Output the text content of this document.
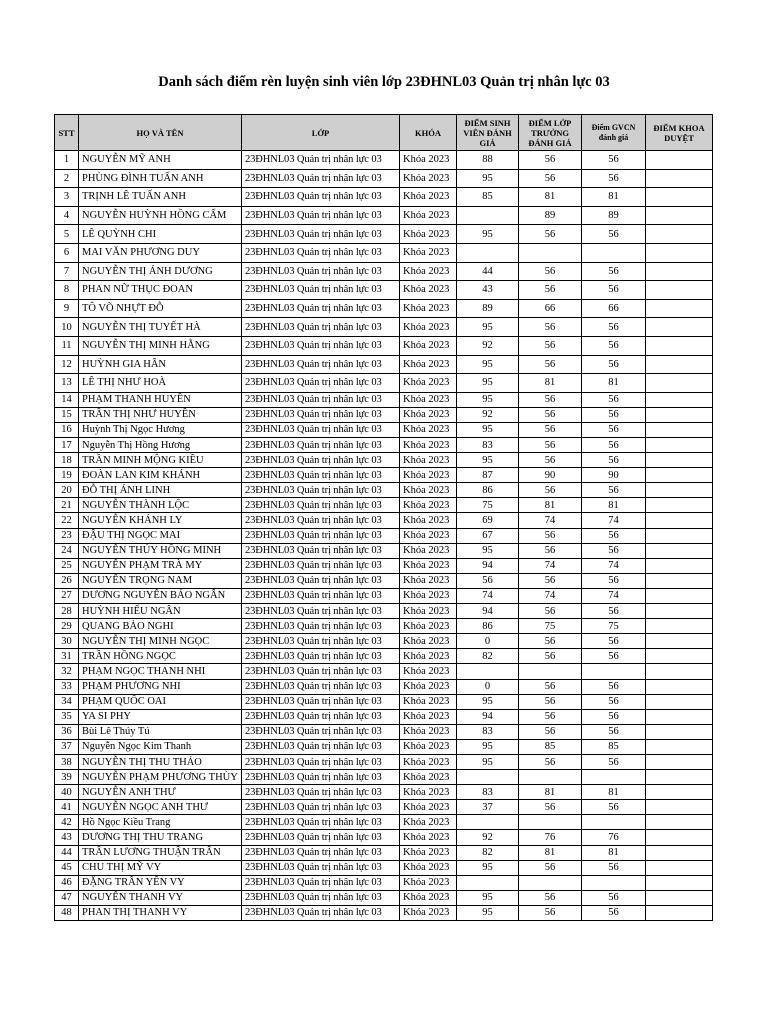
Danh sách điểm rèn luyện sinh viên lớp 23ĐHNL03 Quản trị nhân lực 03
STT	HỌ VÀ TÊN	LỚP	KHÓA	ĐIỂM SINH VIÊN ĐÁNH GIÁ	ĐIỂM LỚP TRƯỞNG ĐÁNH GIÁ	Điểm GVCN đánh giá	ĐIỂM KHOA DUYỆT
1	NGUYỄN MỸ ANH	23ĐHNL03 Quản trị nhân lực 03	Khóa 2023	88	56	56	
2	PHÙNG ĐÌNH TUẤN ANH	23ĐHNL03 Quản trị nhân lực 03	Khóa 2023	95	56	56	
3	TRỊNH LÊ TUẤN ANH	23ĐHNL03 Quản trị nhân lực 03	Khóa 2023	85	81	81	
4	NGUYỄN HUỲNH HỒNG CẨM	23ĐHNL03 Quản trị nhân lực 03	Khóa 2023		89	89	
5	LÊ QUỲNH CHI	23ĐHNL03 Quản trị nhân lực 03	Khóa 2023	95	56	56	
6	MAI VĂN PHƯƠNG DUY	23ĐHNL03 Quản trị nhân lực 03	Khóa 2023				
7	NGUYỄN THỊ ÁNH DƯƠNG	23ĐHNL03 Quản trị nhân lực 03	Khóa 2023	44	56	56	
8	PHAN NỮ THỤC ĐOAN	23ĐHNL03 Quản trị nhân lực 03	Khóa 2023	43	56	56	
9	TÔ VÕ NHỰT ĐỖ	23ĐHNL03 Quản trị nhân lực 03	Khóa 2023	89	66	66	
10	NGUYỄN THỊ TUYẾT HÀ	23ĐHNL03 Quản trị nhân lực 03	Khóa 2023	95	56	56	
11	NGUYỄN THỊ MINH HẰNG	23ĐHNL03 Quản trị nhân lực 03	Khóa 2023	92	56	56	
12	HUỲNH GIA HÂN	23ĐHNL03 Quản trị nhân lực 03	Khóa 2023	95	56	56	
13	LÊ THỊ NHƯ HOÀ	23ĐHNL03 Quản trị nhân lực 03	Khóa 2023	95	81	81	
14	PHẠM THANH HUYỀN	23ĐHNL03 Quản trị nhân lực 03	Khóa 2023	95	56	56	
15	TRẦN THỊ NHƯ HUYỀN	23ĐHNL03 Quản trị nhân lực 03	Khóa 2023	92	56	56	
16	Huỳnh Thị Ngọc Hương	23ĐHNL03 Quản trị nhân lực 03	Khóa 2023	95	56	56	
17	Nguyễn Thị Hồng Hương	23ĐHNL03 Quản trị nhân lực 03	Khóa 2023	83	56	56	
18	TRẦN MINH MỘNG KIỀU	23ĐHNL03 Quản trị nhân lực 03	Khóa 2023	95	56	56	
19	ĐOÀN LAN KIM KHÁNH	23ĐHNL03 Quản trị nhân lực 03	Khóa 2023	87	90	90	
20	ĐỖ THỊ ÁNH LINH	23ĐHNL03 Quản trị nhân lực 03	Khóa 2023	86	56	56	
21	NGUYỄN THÀNH LỘC	23ĐHNL03 Quản trị nhân lực 03	Khóa 2023	75	81	81	
22	NGUYỄN KHÁNH LY	23ĐHNL03 Quản trị nhân lực 03	Khóa 2023	69	74	74	
23	ĐẬU THỊ NGỌC MAI	23ĐHNL03 Quản trị nhân lực 03	Khóa 2023	67	56	56	
24	NGUYỄN THÚY HỒNG MINH	23ĐHNL03 Quản trị nhân lực 03	Khóa 2023	95	56	56	
25	NGUYỄN PHẠM TRÀ MY	23ĐHNL03 Quản trị nhân lực 03	Khóa 2023	94	74	74	
26	NGUYỄN TRỌNG NAM	23ĐHNL03 Quản trị nhân lực 03	Khóa 2023	56	56	56	
27	DƯƠNG NGUYỄN BẢO NGÂN	23ĐHNL03 Quản trị nhân lực 03	Khóa 2023	74	74	74	
28	HUỲNH HIẾU NGÂN	23ĐHNL03 Quản trị nhân lực 03	Khóa 2023	94	56	56	
29	QUANG BẢO NGHI	23ĐHNL03 Quản trị nhân lực 03	Khóa 2023	86	75	75	
30	NGUYỄN THỊ MINH NGỌC	23ĐHNL03 Quản trị nhân lực 03	Khóa 2023	0	56	56	
31	TRẦN HỒNG NGỌC	23ĐHNL03 Quản trị nhân lực 03	Khóa 2023	82	56	56	
32	PHẠM NGỌC THANH NHI	23ĐHNL03 Quản trị nhân lực 03	Khóa 2023				
33	PHẠM PHƯƠNG NHI	23ĐHNL03 Quản trị nhân lực 03	Khóa 2023	0	56	56	
34	PHẠM QUỐC OAI	23ĐHNL03 Quản trị nhân lực 03	Khóa 2023	95	56	56	
35	YA SI PHY	23ĐHNL03 Quản trị nhân lực 03	Khóa 2023	94	56	56	
36	Bùi Lê Thúy Tú	23ĐHNL03 Quản trị nhân lực 03	Khóa 2023	83	56	56	
37	Nguyễn Ngọc Kim Thanh	23ĐHNL03 Quản trị nhân lực 03	Khóa 2023	95	85	85	
38	NGUYỄN THỊ THU THẢO	23ĐHNL03 Quản trị nhân lực 03	Khóa 2023	95	56	56	
39	NGUYỄN PHẠM PHƯƠNG THÙY	23ĐHNL03 Quản trị nhân lực 03	Khóa 2023				
40	NGUYỄN ANH THƯ	23ĐHNL03 Quản trị nhân lực 03	Khóa 2023	83	81	81	
41	NGUYỄN NGỌC ANH THƯ	23ĐHNL03 Quản trị nhân lực 03	Khóa 2023	37	56	56	
42	Hồ Ngọc Kiều Trang	23ĐHNL03 Quản trị nhân lực 03	Khóa 2023				
43	DƯƠNG THỊ THU TRANG	23ĐHNL03 Quản trị nhân lực 03	Khóa 2023	92	76	76	
44	TRẦN LƯƠNG THUẬN TRÂN	23ĐHNL03 Quản trị nhân lực 03	Khóa 2023	82	81	81	
45	CHU THỊ MỸ VY	23ĐHNL03 Quản trị nhân lực 03	Khóa 2023	95	56	56	
46	ĐẶNG TRẦN YẾN VY	23ĐHNL03 Quản trị nhân lực 03	Khóa 2023				
47	NGUYỄN THANH VY	23ĐHNL03 Quản trị nhân lực 03	Khóa 2023	95	56	56	
48	PHAN THỊ THANH VY	23ĐHNL03 Quản trị nhân lực 03	Khóa 2023	95	56	56	
